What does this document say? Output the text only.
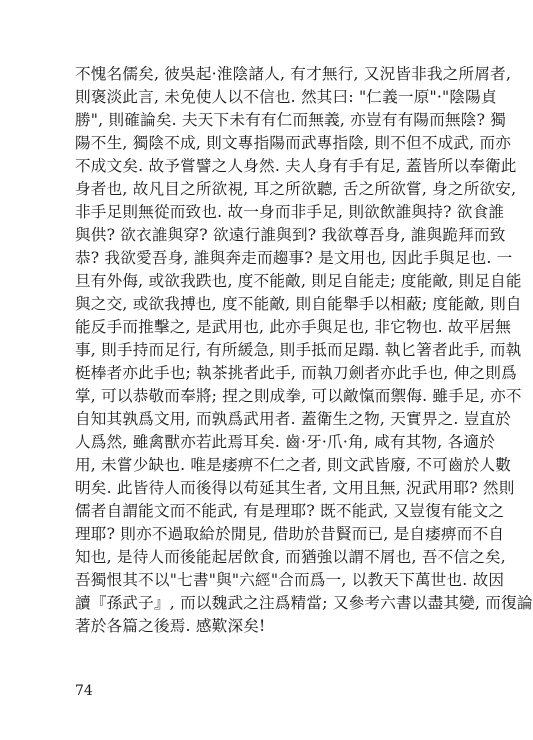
不愧名儒矣, 彼吳起·淮陰諸人, 有才無行, 又況皆非我之所屑者,
則褒淡此言, 未免使人以不信也. 然其曰: "仁義一原"·"陰陽貞
勝", 則確論矣. 夫天下未有有仁而無義, 亦豈有有陽而無陰? 獨
陽不生, 獨陰不成, 則文專指陽而武專指陰, 則不但不成武, 而亦
不成文矣. 故予嘗譬之人身然. 夫人身有手有足, 蓋皆所以奉衛此
身者也, 故凡目之所欲視, 耳之所欲聽, 舌之所欲嘗, 身之所欲安,
非手足則無從而致也. 故一身而非手足, 則欲飲誰與持? 欲食誰
與供? 欲衣誰與穿? 欲遠行誰與到? 我欲尊吾身, 誰與跪拜而致
恭? 我欲愛吾身, 誰與奔走而趨事? 是文用也, 因此手與足也. 一
旦有外侮, 或欲我跌也, 度不能敵, 則足自能走; 度能敵, 則足自能
與之交, 或欲我搏也, 度不能敵, 則自能舉手以相蔽; 度能敵, 則自
能反手而推擊之, 是武用也, 此亦手與足也, 非它物也. 故平居無
事, 則手持而足行, 有所緩急, 則手抵而足蹋. 執匕箸者此手, 而執
梃棒者亦此手也; 執茶挑者此手, 而執刀劍者亦此手也, 伸之則爲
掌, 可以恭敬而奉將; 捏之則成拳, 可以敵愾而禦侮. 雖手足, 亦不
自知其孰爲文用, 而孰爲武用者. 蓋衛生之物, 天實畀之. 豈直於
人爲然, 雖禽獸亦若此焉耳矣. 齒·牙·爪·角, 咸有其物, 各適於
用, 未嘗少缺也. 唯是痿痹不仁之者, 則文武皆廢, 不可齒於人數
明矣. 此皆待人而後得以苟延其生者, 文用且無, 況武用耶? 然則
儒者自謂能文而不能武, 有是理耶? 既不能武, 又豈復有能文之
理耶? 則亦不過取給於閒見, 借助於昔賢而已, 是自痿痹而不自
知也, 是待人而後能起居飲食, 而猶強以謂不屑也, 吾不信之矣,
吾獨恨其不以"七書"與"六經"合而爲一, 以教天下萬世也. 故因
讀『孫武子』, 而以魏武之注爲精當; 又參考六書以盡其變, 而復論
著於各篇之後焉. 感歎深矣!
74
